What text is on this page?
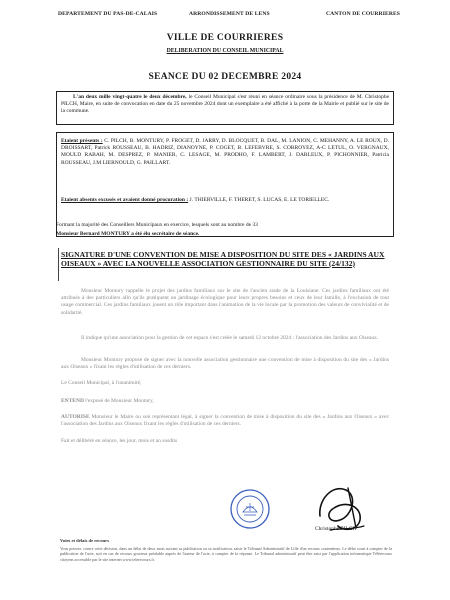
DEPARTEMENT DU PAS-DE-CALAIS	ARRONDISSEMENT DE LENS	CANTON DE COURRIERES
VILLE DE COURRIERES
DELIBERATION DU CONSEIL MUNICIPAL
SEANCE DU 02 DECEMBRE 2024
L'an deux mille vingt-quatre le deux décembre, le Conseil Municipal s'est réuni en séance ordinaire sous la présidence de M. Christophe PILCH, Maire, en suite de convocation en date du 25 novembre 2024 dont un exemplaire a été affiché à la porte de la Mairie et publié sur le site de la commune.
Etaient présents : C. PILCH, B. MONTURY, P. FROGET, D. JARRY, D. BLOCQUET, B. DAL, M. LANION, C. MEHANNY, A. LE ROUX, D. DROISSART, Patrick ROUSSEAU, B. HADRIZ, DIANOYNE, P. COGET, B. LEFEBVRE, S. CORROYEZ, A-C LETUL, O. VERGNAUX, MOULD RABAH, M. DESPREZ, P. MANIER, C. LESAGE, M. PRODHO, F. LAMBERT, J. DARLEUX, P. PICHONNIER, Patricia ROUSSEAU, J.M LIERNOULD, G. PAILLART.
Etaient absents excusés et avaient donné procuration : J. THIERVILLE, F. THERET, S. LUCAS, E. LE TORIELLEC.
Formant la majorité des Conseillers Municipaux en exercice, lesquels sont au nombre de 33
Monsieur Bernard MONTURY a été élu secrétaire de séance.
SIGNATURE D'UNE CONVENTION DE MISE A DISPOSITION DU SITE DES « JARDINS AUX OISEAUX » AVEC LA NOUVELLE ASSOCIATION GESTIONNAIRE DU SITE (24/132)
Monsieur Montury rappelle le projet des jardins familiaux sur le site de l'ancien stade de la Louisiane. Ces jardins familiaux ont été attribués à des particuliers afin qu'ils pratiquent un jardinage écologique pour leurs propres besoins et ceux de leur famille, à l'exclusion de tout usage commercial. Ces jardins familiaux jouent un rôle important dans l'animation de la vie locale par la promotion des valeurs de convivialité et de solidarité.
Il indique qu'une association pour la gestion de cet espace s'est créée le samedi 12 octobre 2024 : l'association des Jardins aux Oiseaux.
Monsieur Montury propose de signer avec la nouvelle association gestionnaire une convention de mise à disposition du site des « Jardins aux Oiseaux » fixant les règles d'utilisation de ces derniers.
Le Conseil Municipal, à l'unanimité,
ENTEND l'exposé de Monsieur Montury,
AUTORISE Monsieur le Maire ou son représentant légal, à signer la convention de mise à disposition du site des « Jardins aux Oiseaux » avec l'association des Jardins aux Oiseaux fixant les règles d'utilisation de ces derniers.
Fait et délibéré en séance, les jour, mois et an susdits
Christophe PILCH
Voies et délais de recours
Vous pouvez, contre cette décision, dans un délai de deux mois suivant sa publication ou sa notification, saisir le Tribunal Administratif de Lille d'un recours contentieux. Le délai court à compter de la publication de l'acte, soit en cas de recours gracieux préalable auprès de l'auteur de l'acte, à compter de la réponse. Le Tribunal administratif peut être saisi par l'application informatique Télérecours citoyens accessible par le site internet www.telerecours.fr.
